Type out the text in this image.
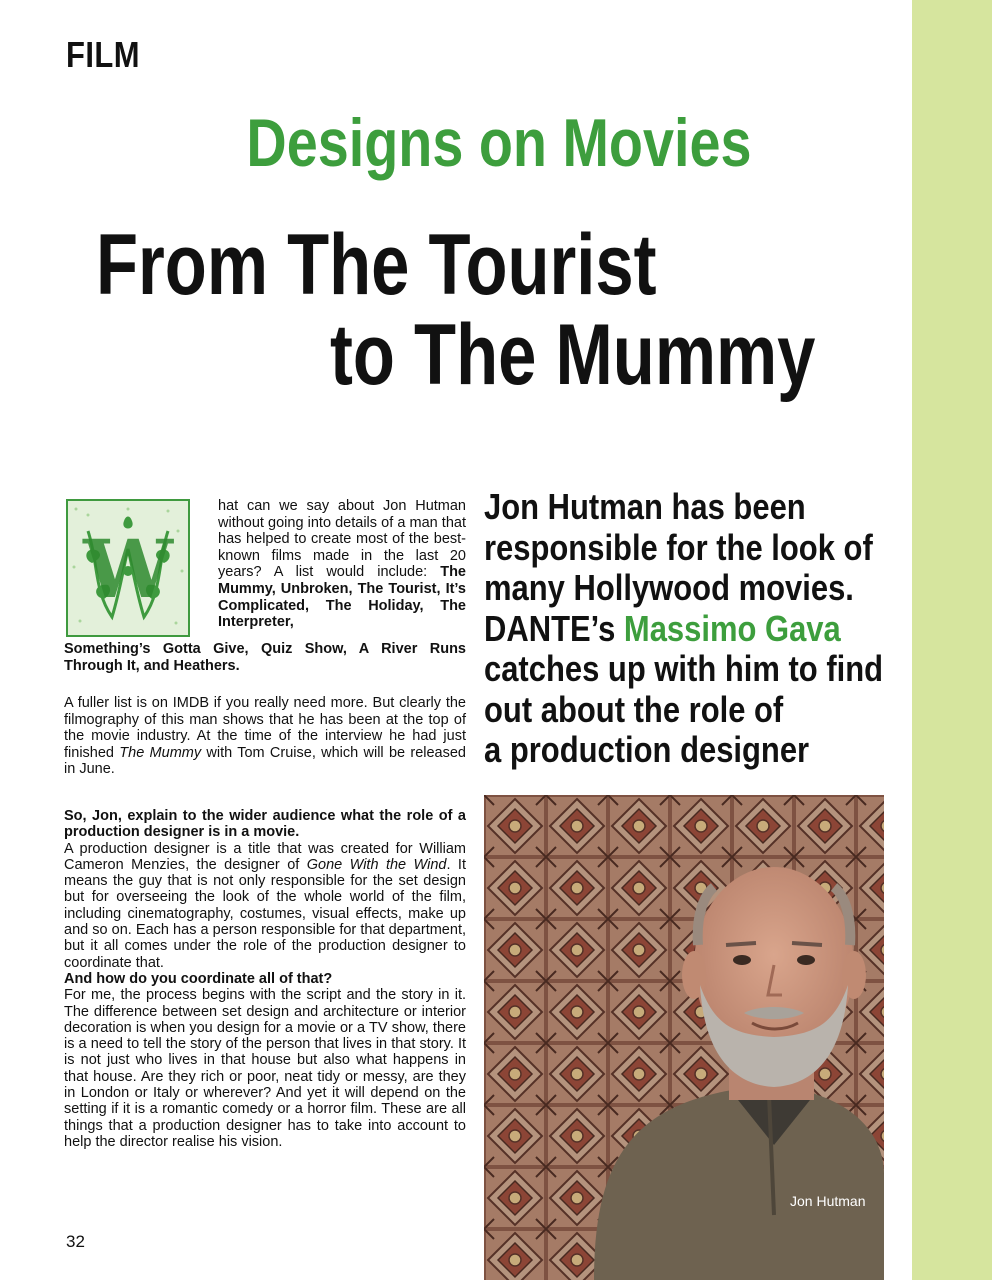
FILM
Designs on Movies
From The Tourist
to The Mummy
W
hat can we say about Jon Hutman without going into details of a man that has helped to create most of the best-known films made in the last 20 years? A list would include: The Mummy, Unbroken, The Tourist, It’s Complicated, The Holiday, The Interpreter,
Something’s Gotta Give, Quiz Show, A River Runs Through It, and Heathers.
A fuller list is on IMDB if you really need more. But clearly the filmography of this man shows that he has been at the top of the movie industry. At the time of the interview he had just finished The Mummy with Tom Cruise, which will be released in June.
So, Jon, explain to the wider audience what the role of a production designer is in a movie.
A production designer is a title that was created for William Cameron Menzies, the designer of Gone With the Wind. It means the guy that is not only responsible for the set design but for overseeing the look of the whole world of the film, including cinematography, costumes, visual effects, make up and so on. Each has a person responsible for that department, but it all comes under the role of the production designer to coordinate that.
And how do you coordinate all of that?
For me, the process begins with the script and the story in it. The difference between set design and architecture or interior decoration is when you design for a movie or a TV show, there is a need to tell the story of the person that lives in that story. It is not just who lives in that house but also what happens in that house. Are they rich or poor, neat tidy or messy, are they in London or Italy or wherever? And yet it will depend on the setting if it is a romantic comedy or a horror film. These are all things that a production designer has to take into account to help the director realise his vision.
32
Jon Hutman has been
responsible for the look of
many Hollywood movies.
DANTE’s Massimo Gava
catches up with him to find
out about the role of
a production designer
Jon Hutman
